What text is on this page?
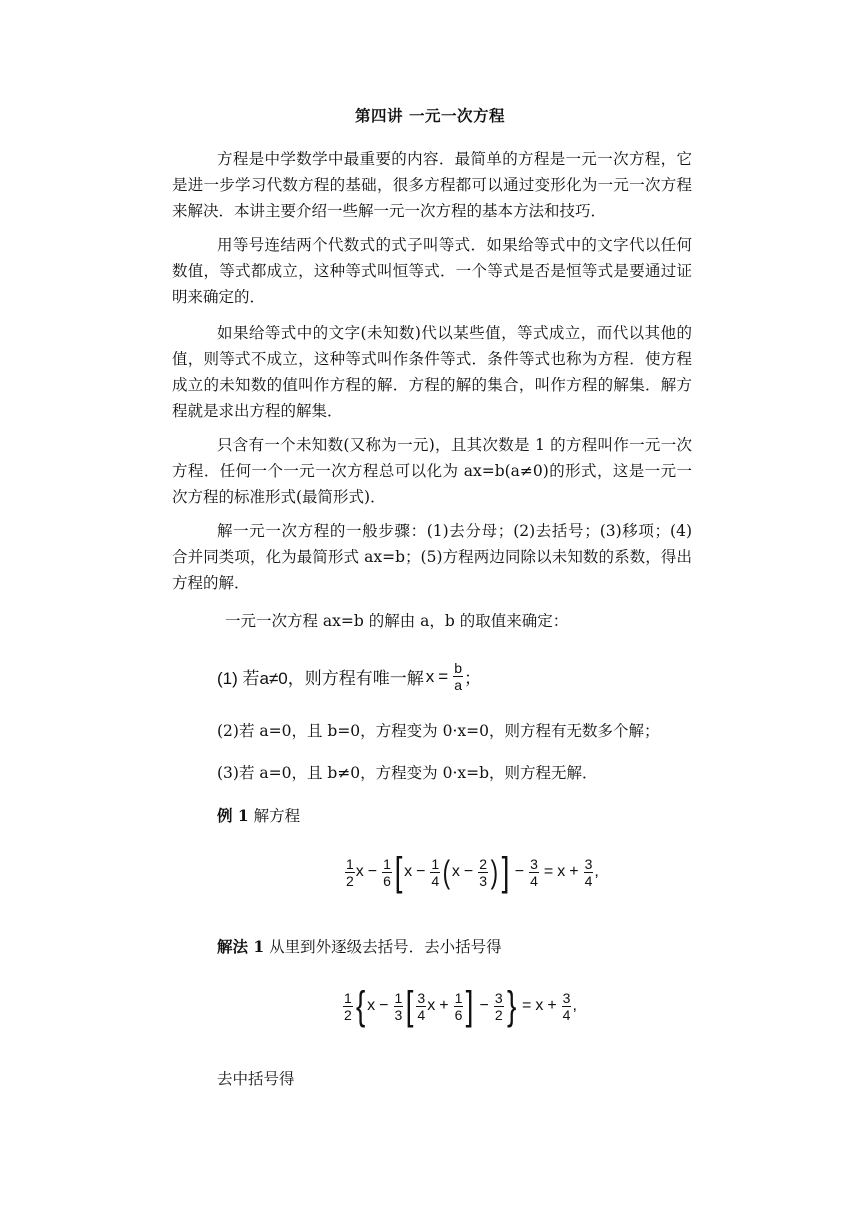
第四讲 一元一次方程
方程是中学数学中最重要的内容．最简单的方程是一元一次方程，它是进一步学习代数方程的基础，很多方程都可以通过变形化为一元一次方程来解决．本讲主要介绍一些解一元一次方程的基本方法和技巧．
用等号连结两个代数式的式子叫等式．如果给等式中的文字代以任何数值，等式都成立，这种等式叫恒等式．一个等式是否是恒等式是要通过证明来确定的．
如果给等式中的文字(未知数)代以某些值，等式成立，而代以其他的值，则等式不成立，这种等式叫作条件等式．条件等式也称为方程．使方程成立的未知数的值叫作方程的解．方程的解的集合，叫作方程的解集．解方程就是求出方程的解集．
只含有一个未知数(又称为一元)，且其次数是 1 的方程叫作一元一次方程．任何一个一元一次方程总可以化为 ax=b(a≠0)的形式，这是一元一次方程的标准形式(最简形式)．
解一元一次方程的一般步骤：(1)去分母；(2)去括号；(3)移项；(4)合并同类项，化为最简形式 ax=b；(5)方程两边同除以未知数的系数，得出方程的解．
一元一次方程 ax=b 的解由 a，b 的取值来确定：
(1) 若a≠0，则方程有唯一解 $x = \frac{b}{a}$ ；
(2)若 a=0，且 b=0，方程变为 0·x=0，则方程有无数多个解；
(3)若 a=0，且 b≠0，方程变为 0·x=b，则方程无解．
例 1 解方程
$\frac{1}{2}$ $x - \frac{1}{6}$ [ $x - \frac{1}{4}$ ( $x - \frac{2}{3}$ ) ] − $\frac{3}{4} = x + \frac{3}{4}$ ,
解法 1 从里到外逐级去括号．去小括号得
$\frac{1}{2}$ { $x - \frac{1}{3}$ [ $\frac{3}{4}$ $x + \frac{1}{6}$ ] − $\frac{3}{2}$ } = $x + \frac{3}{4}$ ,
去中括号得
